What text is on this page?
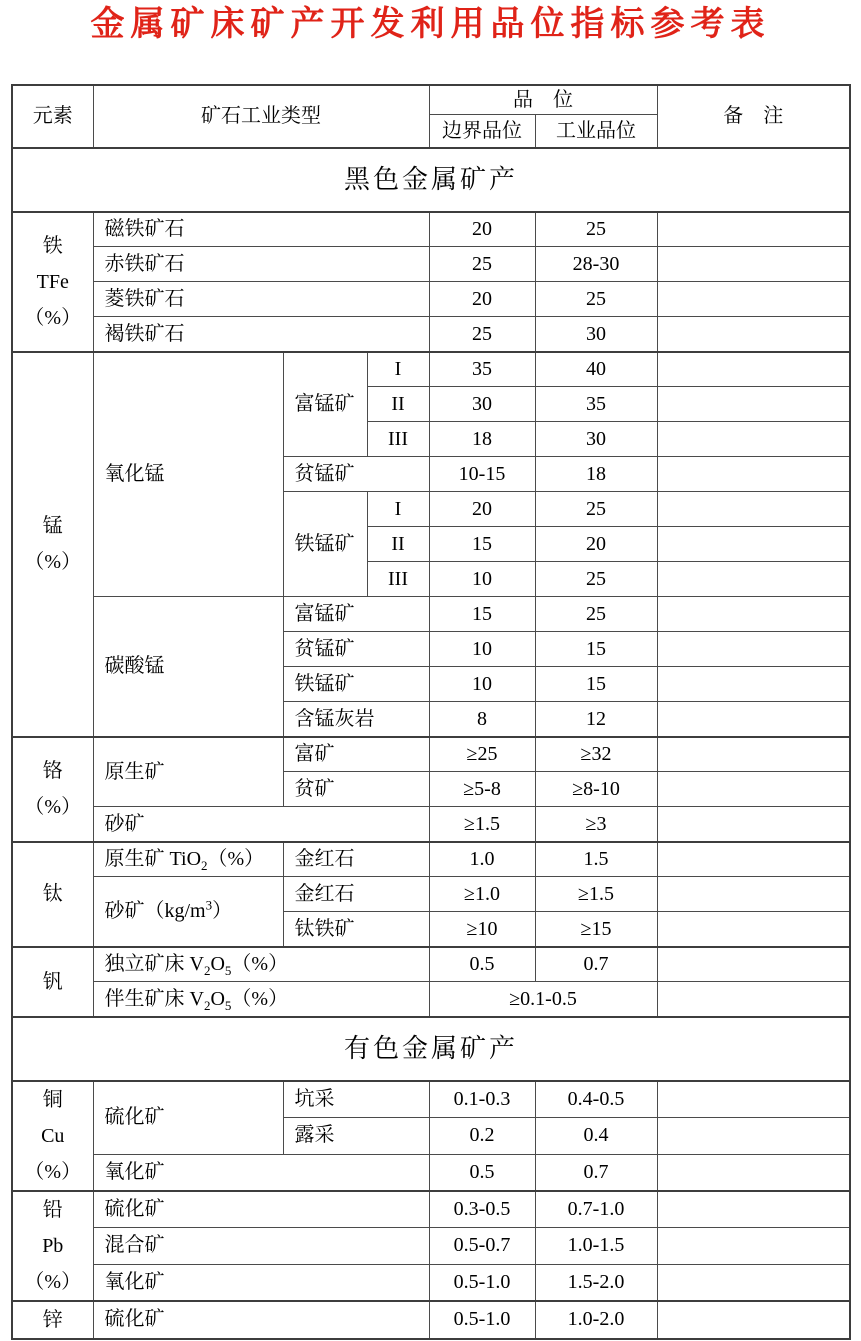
金属矿床矿产开发利用品位指标参考表
元素	矿石工业类型			品　位		备　注
				边界品位	工业品位	
黑色金属矿产						

铁
TFe
（%）	磁铁矿石			20	25	
	赤铁矿石			25	28-30	
	菱铁矿石			20	25	
	褐铁矿石			25	30	

锰
（%）	氧化锰	富锰矿	I	35	40	
			II	30	35	
			III	18	30	
		贫锰矿		10-15	18	
		铁锰矿	I	20	25	
			II	15	20	
			III	10	25	
	碳酸锰	富锰矿		15	25	
		贫锰矿		10	15	
		铁锰矿		10	15	
		含锰灰岩		8	12	

铬
（%）	原生矿	富矿		≥25	≥32	
		贫矿		≥5-8	≥8-10	
	砂矿			≥1.5	≥3	

钛	原生矿 TiO$_2$（%）	金红石		1.0	1.5	
	砂矿$(kg/m^3)$	金红石		≥1.0	≥1.5	
		钛铁矿		≥10	≥15	

钒	独立矿床 $V_2O_5(\%)$			0.5	0.7	
	伴生矿床 $V_2O_5(\%)$			≥0.1-0.5		
有色金属矿产						

铜
Cu
（%）	硫化矿	坑采		0.1-0.3	0.4-0.5	
		露采		0.2	0.4	
	氧化矿			0.5	0.7	

铅
Pb
（%）	硫化矿			0.3-0.5	0.7-1.0	
	混合矿			0.5-0.7	1.0-1.5	
	氧化矿			0.5-1.0	1.5-2.0	

锌	硫化矿			0.5-1.0	1.0-2.0	
